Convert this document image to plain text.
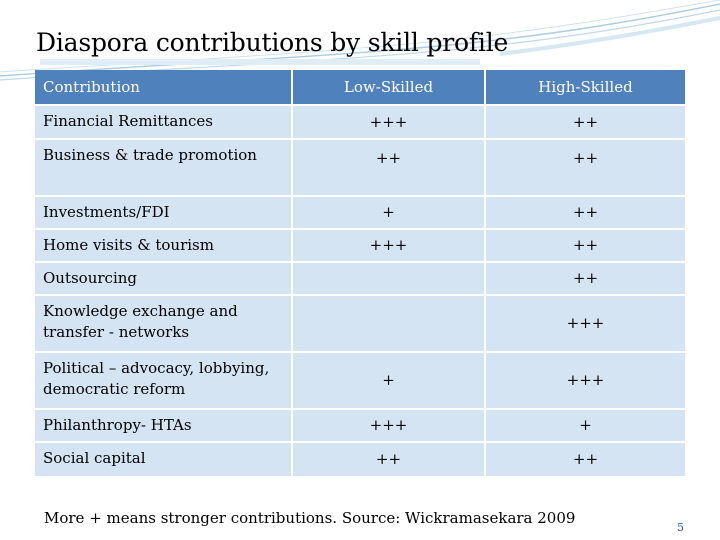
Diaspora contributions by skill profile
Contribution	Low-Skilled	High-Skilled
Financial Remittances	+++	++
Business & trade promotion	++	++
Investments/FDI	+	++
Home visits & tourism	+++	++
Outsourcing		++
Knowledge exchange and transfer - networks		+++
Political – advocacy, lobbying, democratic reform	+	+++
Philanthropy- HTAs	+++	+
Social capital	++	++
More + means stronger contributions. Source: Wickramasekara 2009
5
